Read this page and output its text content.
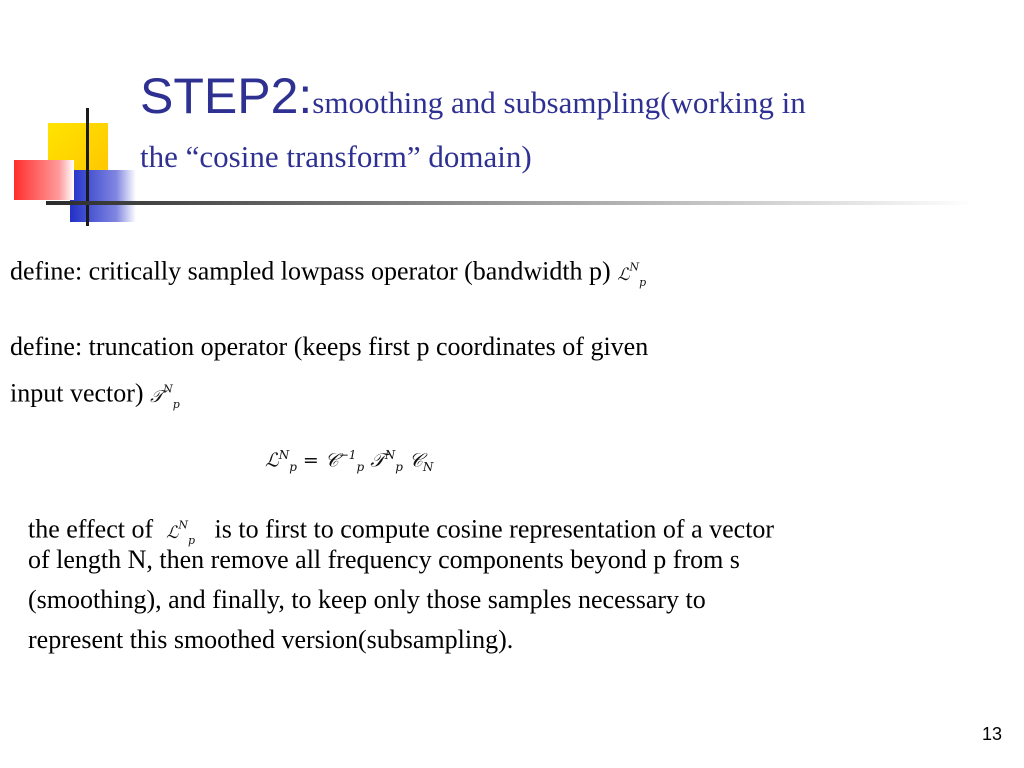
STEP2:smoothing and subsampling(working in
the “cosine transform” domain)
define: critically sampled lowpass operator (bandwidth p) ℒ$^N_p$
define: truncation operator (keeps first p coordinates of given
input vector) 𝒯$^N_p$
ℒ$^N_p$ = 𝒞$^{-1}_p$ 𝒯$^N_p$ 𝒞$_N$
the effect of ℒ$^N_p$ is to first to compute cosine representation of a vector
of length N, then remove all frequency components beyond p from s
(smoothing), and finally, to keep only those samples necessary to
represent this smoothed version(subsampling).
13
